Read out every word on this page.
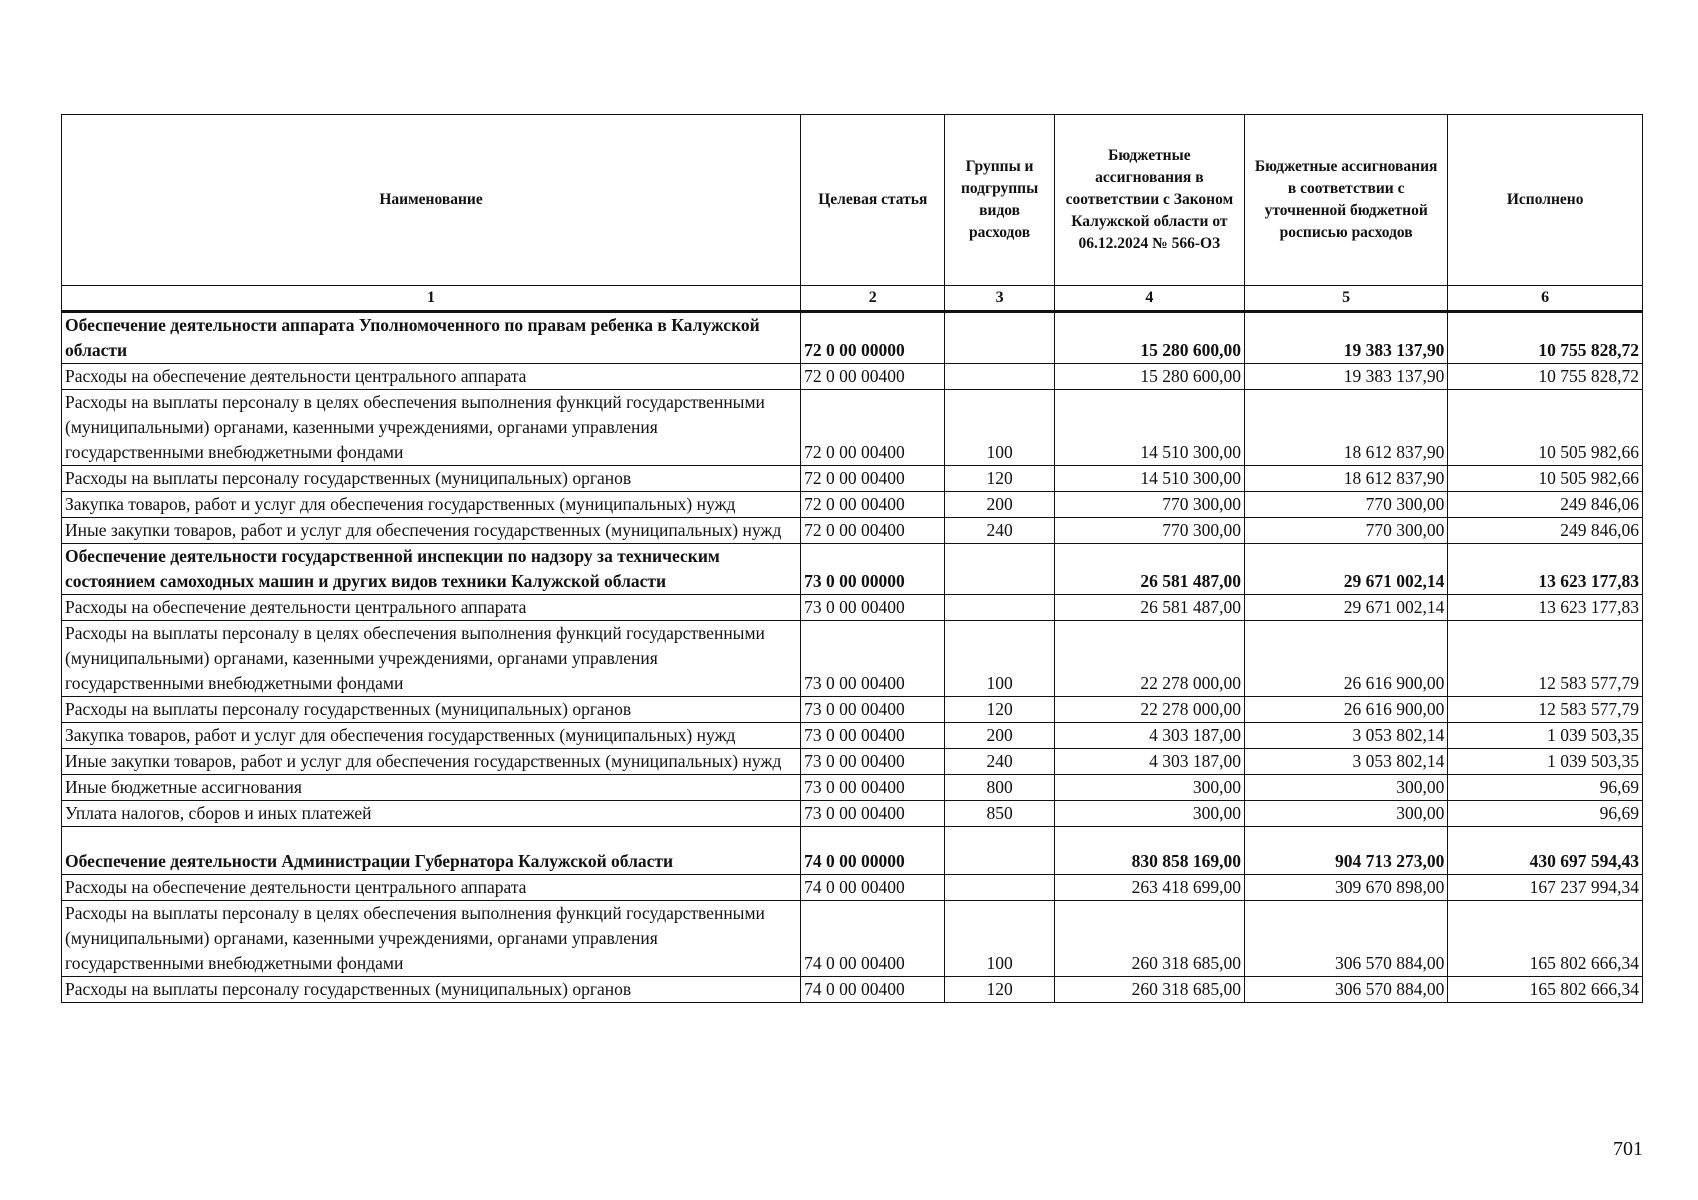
Наименование	Целевая статья	Группы и подгруппы видов расходов	Бюджетные ассигнования в соответствии с Законом Калужской области от 06.12.2024 № 566-ОЗ	Бюджетные ассигнования в соответствии с уточненной бюджетной росписью расходов	Исполнено
1	2	3	4	5	6
Обеспечение деятельности аппарата Уполномоченного по правам ребенка в Калужской области	72 0 00 00000		15 280 600,00	19 383 137,90	10 755 828,72
Расходы на обеспечение деятельности центрального аппарата	72 0 00 00400		15 280 600,00	19 383 137,90	10 755 828,72
Расходы на выплаты персоналу в целях обеспечения выполнения функций государственными (муниципальными) органами, казенными учреждениями, органами управления государственными внебюджетными фондами	72 0 00 00400	100	14 510 300,00	18 612 837,90	10 505 982,66
Расходы на выплаты персоналу государственных (муниципальных) органов	72 0 00 00400	120	14 510 300,00	18 612 837,90	10 505 982,66
Закупка товаров, работ и услуг для обеспечения государственных (муниципальных) нужд	72 0 00 00400	200	770 300,00	770 300,00	249 846,06
Иные закупки товаров, работ и услуг для обеспечения государственных (муниципальных) нужд	72 0 00 00400	240	770 300,00	770 300,00	249 846,06
Обеспечение деятельности государственной инспекции по надзору за техническим состоянием самоходных машин и других видов техники Калужской области	73 0 00 00000		26 581 487,00	29 671 002,14	13 623 177,83
Расходы на обеспечение деятельности центрального аппарата	73 0 00 00400		26 581 487,00	29 671 002,14	13 623 177,83
Расходы на выплаты персоналу в целях обеспечения выполнения функций государственными (муниципальными) органами, казенными учреждениями, органами управления государственными внебюджетными фондами	73 0 00 00400	100	22 278 000,00	26 616 900,00	12 583 577,79
Расходы на выплаты персоналу государственных (муниципальных) органов	73 0 00 00400	120	22 278 000,00	26 616 900,00	12 583 577,79
Закупка товаров, работ и услуг для обеспечения государственных (муниципальных) нужд	73 0 00 00400	200	4 303 187,00	3 053 802,14	1 039 503,35
Иные закупки товаров, работ и услуг для обеспечения государственных (муниципальных) нужд	73 0 00 00400	240	4 303 187,00	3 053 802,14	1 039 503,35
Иные бюджетные ассигнования	73 0 00 00400	800	300,00	300,00	96,69
Уплата налогов, сборов и иных платежей	73 0 00 00400	850	300,00	300,00	96,69
Обеспечение деятельности Администрации Губернатора Калужской области	74 0 00 00000		830 858 169,00	904 713 273,00	430 697 594,43
Расходы на обеспечение деятельности центрального аппарата	74 0 00 00400		263 418 699,00	309 670 898,00	167 237 994,34
Расходы на выплаты персоналу в целях обеспечения выполнения функций государственными (муниципальными) органами, казенными учреждениями, органами управления государственными внебюджетными фондами	74 0 00 00400	100	260 318 685,00	306 570 884,00	165 802 666,34
Расходы на выплаты персоналу государственных (муниципальных) органов	74 0 00 00400	120	260 318 685,00	306 570 884,00	165 802 666,34
701
